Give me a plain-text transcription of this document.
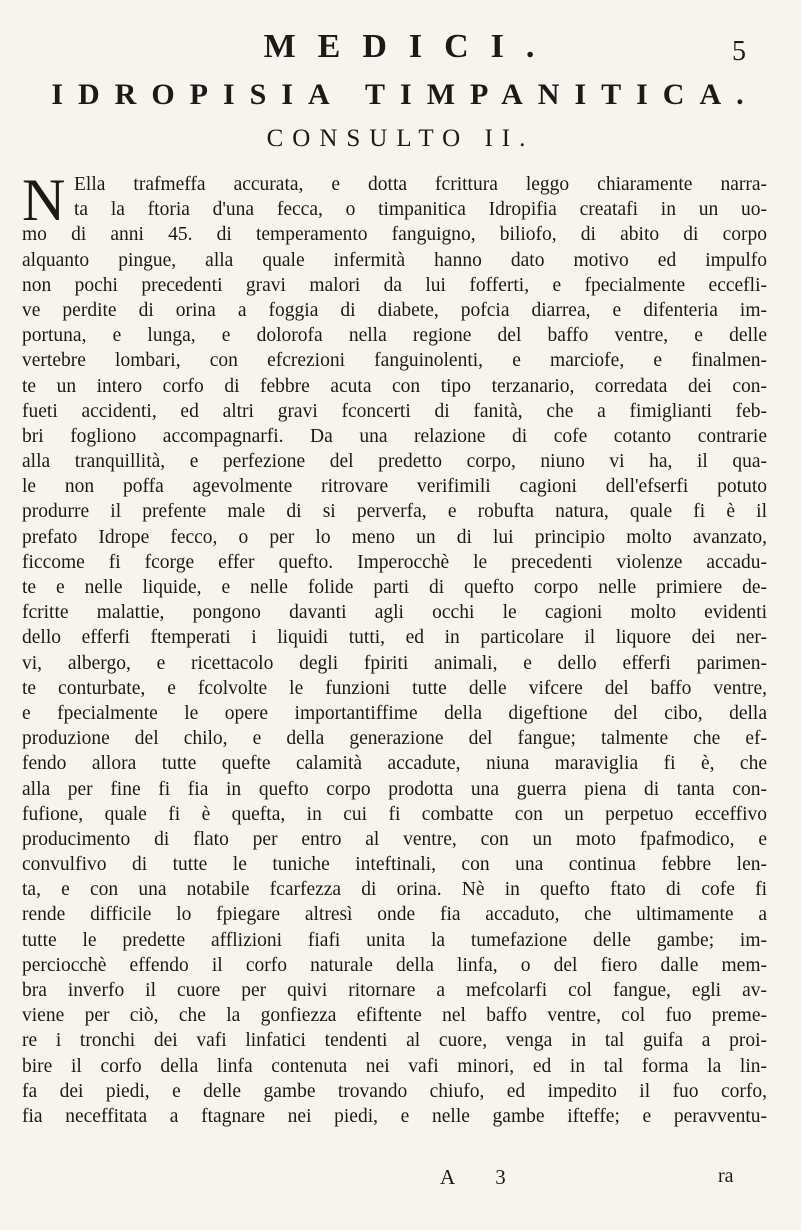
MEDICI.	5
IDROPISIA TIMPANITICA.
CONSULTO II.
N Ella trafmeffa accurata, e dotta fcrittura leggo chiaramente narra-
ta la ftoria d'una fecca, o timpanitica Idropifia creatafi in un uo-
mo di anni 45. di temperamento fanguigno, biliofo, di abito di corpo
alquanto pingue, alla quale infermità hanno dato motivo ed impulfo
non pochi precedenti gravi malori da lui fofferti, e fpecialmente eccefli-
ve perdite di orina a foggia di diabete, pofcia diarrea, e difenteria im-
portuna, e lunga, e dolorofa nella regione del baffo ventre, e delle
vertebre lombari, con efcrezioni fanguinolenti, e marciofe, e finalmen-
te un intero corfo di febbre acuta con tipo terzanario, corredata dei con-
fueti accidenti, ed altri gravi fconcerti di fanità, che a fimiglianti feb-
bri fogliono accompagnarfi. Da una relazione di cofe cotanto contrarie
alla tranquillità, e perfezione del predetto corpo, niuno vi ha, il qua-
le non poffa agevolmente ritrovare verifimili cagioni dell'efserfi potuto
produrre il prefente male di si perverfa, e robufta natura, quale fi è il
prefato Idrope fecco, o per lo meno un di lui principio molto avanzato,
ficcome fi fcorge effer quefto. Imperocchè le precedenti violenze accadu-
te e nelle liquide, e nelle folide parti di quefto corpo nelle primiere de-
fcritte malattie, pongono davanti agli occhi le cagioni molto evidenti
dello efferfi ftemperati i liquidi tutti, ed in particolare il liquore dei ner-
vi, albergo, e ricettacolo degli fpiriti animali, e dello efferfi parimen-
te conturbate, e fcolvolte le funzioni tutte delle vifcere del baffo ventre,
e fpecialmente le opere importantiffime della digeftione del cibo, della
produzione del chilo, e della generazione del fangue; talmente che ef-
fendo allora tutte quefte calamità accadute, niuna maraviglia fi è, che
alla per fine fi fia in quefto corpo prodotta una guerra piena di tanta con-
fufione, quale fi è quefta, in cui fi combatte con un perpetuo ecceffivo
producimento di flato per entro al ventre, con un moto fpafmodico, e
convulfivo di tutte le tuniche inteftinali, con una continua febbre len-
ta, e con una notabile fcarfezza di orina. Nè in quefto ftato di cofe fi
rende difficile lo fpiegare altresì onde fia accaduto, che ultimamente a
tutte le predette afflizioni fiafi unita la tumefazione delle gambe; im-
perciocchè effendo il corfo naturale della linfa, o del fiero dalle mem-
bra inverfo il cuore per quivi ritornare a mefcolarfi col fangue, egli av-
viene per ciò, che la gonfiezza efiftente nel baffo ventre, col fuo preme-
re i tronchi dei vafi linfatici tendenti al cuore, venga in tal guifa a proi-
bire il corfo della linfa contenuta nei vafi minori, ed in tal forma la lin-
fa dei piedi, e delle gambe trovando chiufo, ed impedito il fuo corfo,
fia neceffitata a ftagnare nei piedi, e nelle gambe ifteffe; e peravventu-
A 3	ra
